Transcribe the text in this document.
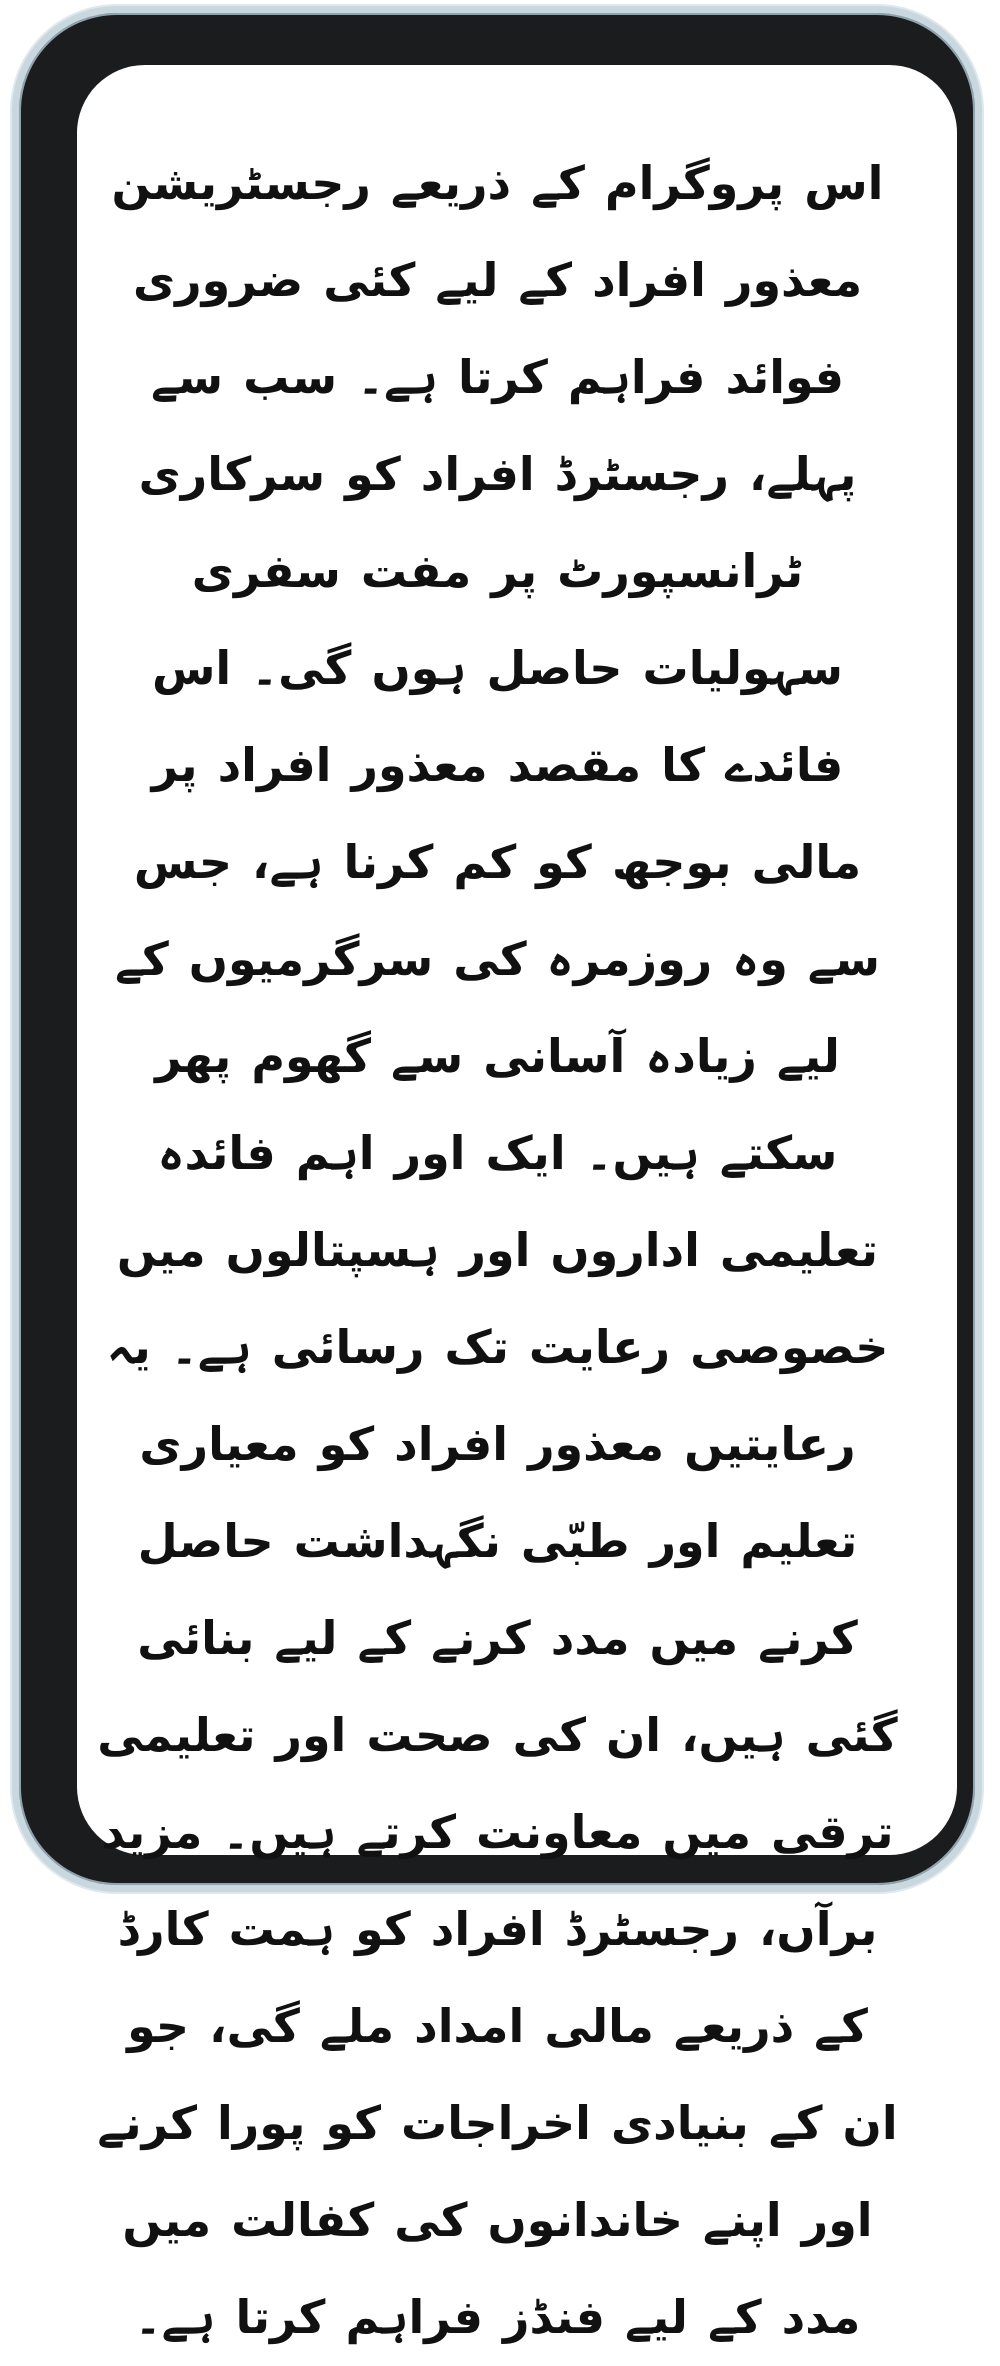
اس پروگرام کے ذریعے رجسٹریشن معذور افراد کے لیے کئی ضروری فوائد فراہم کرتا ہے۔ سب سے پہلے، رجسٹرڈ افراد کو سرکاری ٹرانسپورٹ پر مفت سفری سہولیات حاصل ہوں گی۔ اس فائدے کا مقصد معذور افراد پر مالی بوجھ کو کم کرنا ہے، جس سے وہ روزمرہ کی سرگرمیوں کے لیے زیادہ آسانی سے گھوم پھر سکتے ہیں۔ ایک اور اہم فائدہ تعلیمی اداروں اور ہسپتالوں میں خصوصی رعایت تک رسائی ہے۔ یہ رعایتیں معذور افراد کو معیاری تعلیم اور طبّی نگہداشت حاصل کرنے میں مدد کرنے کے لیے بنائی گئی ہیں، ان کی صحت اور تعلیمی ترقی میں معاونت کرتے ہیں۔ مزید برآں، رجسٹرڈ افراد کو ہمت کارڈ کے ذریعے مالی امداد ملے گی، جو ان کے بنیادی اخراجات کو پورا کرنے اور اپنے خاندانوں کی کفالت میں مدد کے لیے فنڈز فراہم کرتا ہے۔
